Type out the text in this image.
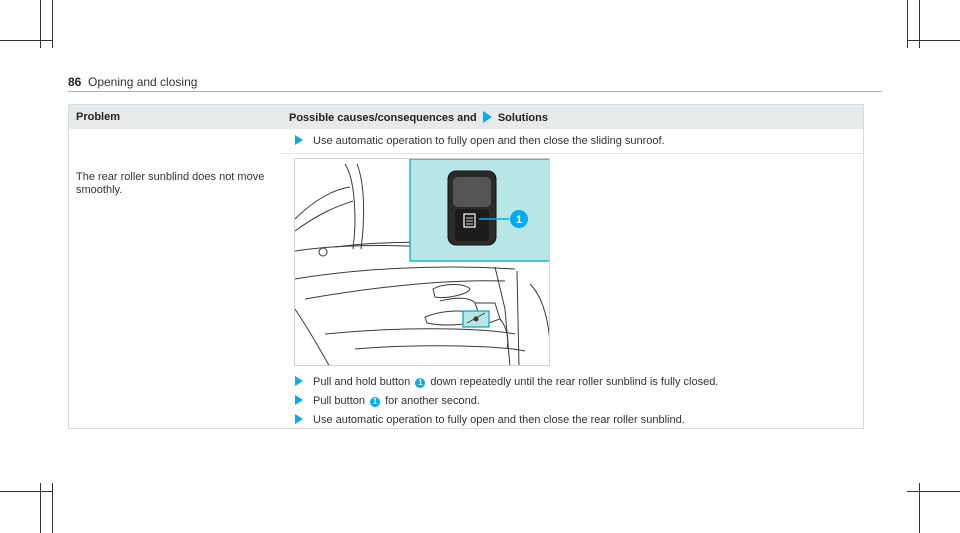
86 Opening and closing
Problem	Possible causes/consequences and Solutions
Use automatic operation to fully open and then close the sliding sunroof.
The rear roller sunblind does not move smoothly.
1
Pull and hold button 1 down repeatedly until the rear roller sunblind is fully closed.
Pull button 1 for another second.
Use automatic operation to fully open and then close the rear roller sunblind.
